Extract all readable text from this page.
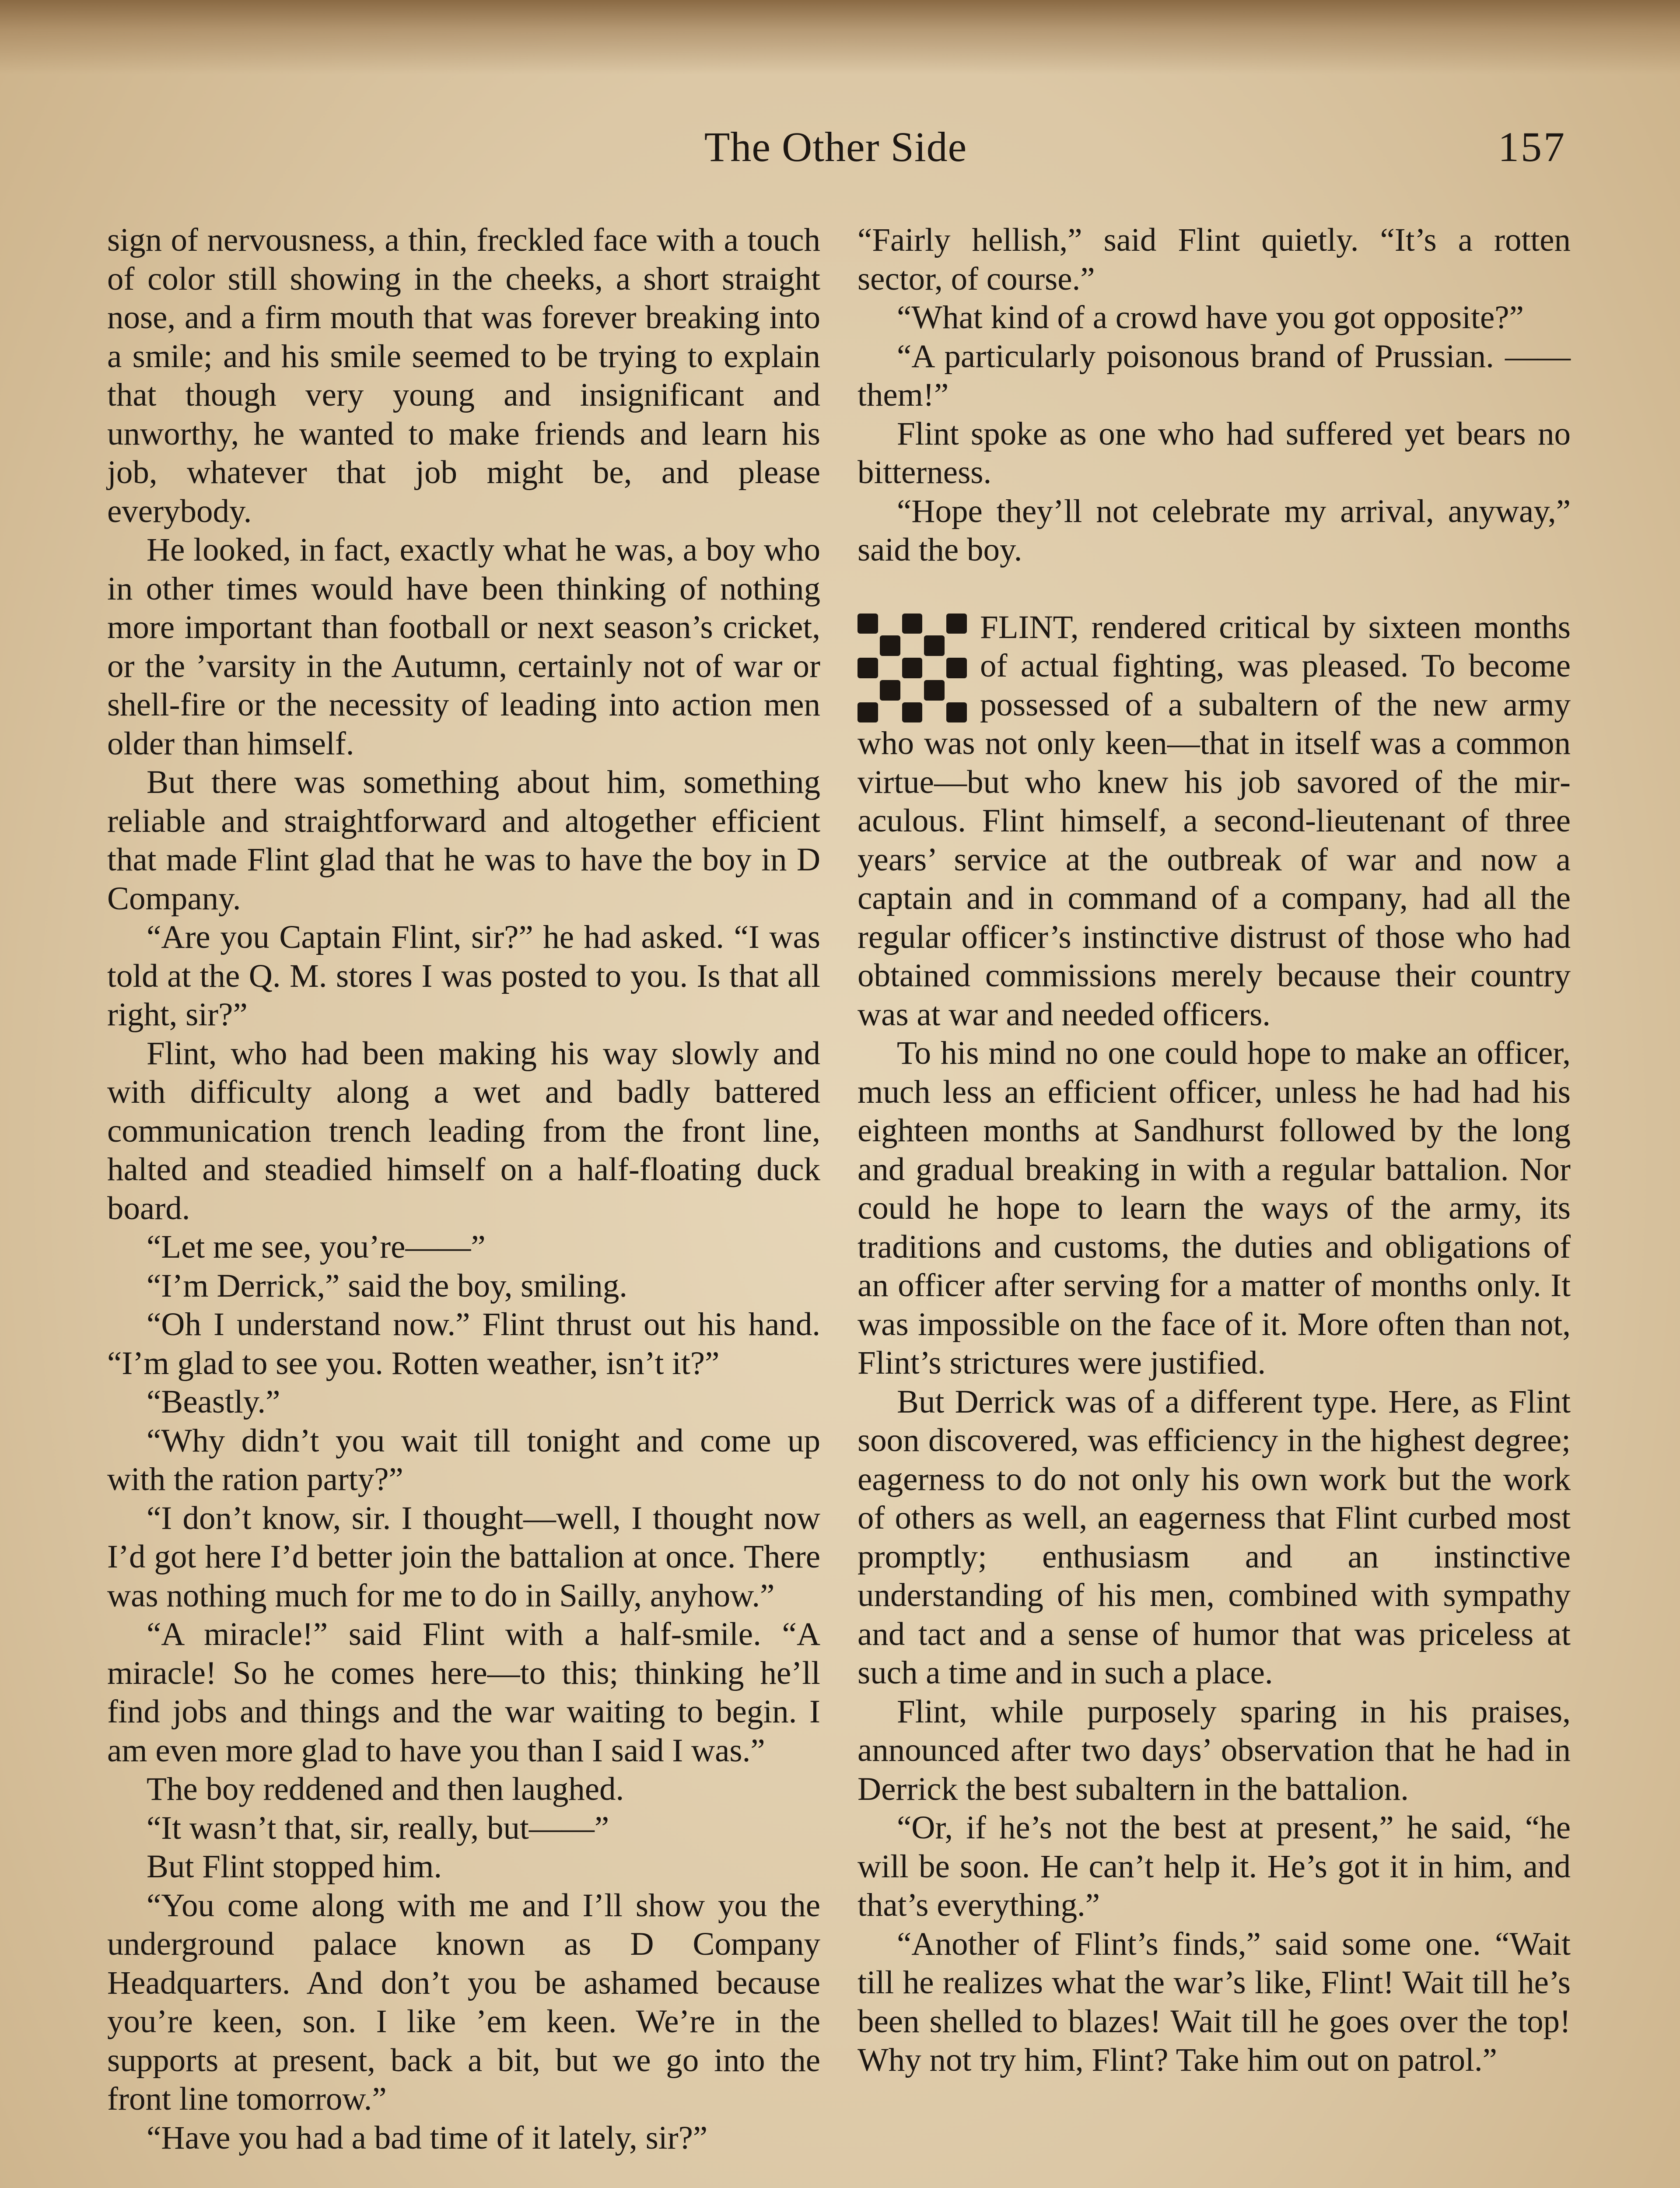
The Other Side	157

sign of nervousness, a thin, freckled face with a touch of color still showing in the cheeks, a short straight nose, and a firm mouth that was forever breaking into a smile; and his smile seemed to be trying to explain that though very young and insignificant and unworthy, he wanted to make friends and learn his job, whatever that job might be, and please everybody.

He looked, in fact, exactly what he was, a boy who in other times would have been thinking of nothing more important than football or next season’s cricket, or the ’varsity in the Autumn, certainly not of war or shell-fire or the necessity of leading into action men older than himself.

But there was something about him, something reliable and straightforward and altogether efficient that made Flint glad that he was to have the boy in D Company.

“Are you Captain Flint, sir?” he had asked. “I was told at the Q. M. stores I was posted to you. Is that all right, sir?”

Flint, who had been making his way slowly and with difficulty along a wet and badly battered communication trench leading from the front line, halted and steadied himself on a half-floating duck board.

“Let me see, you’re——”

“I’m Derrick,” said the boy, smiling.

“Oh I understand now.” Flint thrust out his hand. “I’m glad to see you. Rotten weather, isn’t it?”

“Beastly.”

“Why didn’t you wait till tonight and come up with the ration party?”

“I don’t know, sir. I thought—well, I thought now I’d got here I’d better join the battalion at once. There was nothing much for me to do in Sailly, anyhow.”

“A miracle!” said Flint with a half-smile. “A miracle! So he comes here—to this; thinking he’ll find jobs and things and the war waiting to begin. I am even more glad to have you than I said I was.”

The boy reddened and then laughed.

“It wasn’t that, sir, really, but——”

But Flint stopped him.

“You come along with me and I’ll show you the underground palace known as D Company Headquarters. And don’t you be ashamed because you’re keen, son. I like ’em keen. We’re in the supports at present, back a bit, but we go into the front line tomorrow.”

“Have you had a bad time of it lately, sir?”

“Fairly hellish,” said Flint quietly. “It’s a rotten sector, of course.”

“What kind of a crowd have you got opposite?”

“A particularly poisonous brand of Prussian. —— them!”

Flint spoke as one who had suffered yet bears no bitterness.

“Hope they’ll not celebrate my arrival, anyway,” said the boy.

FLINT, rendered critical by sixteen months of actual fighting, was pleased. To become possessed of a subaltern of the new army who was not only keen—that in itself was a common virtue—but who knew his job savored of the miraculous. Flint himself, a second-lieutenant of three years’ service at the outbreak of war and now a captain and in command of a company, had all the regular officer’s instinctive distrust of those who had obtained commissions merely because their country was at war and needed officers.

To his mind no one could hope to make an officer, much less an efficient officer, unless he had had his eighteen months at Sandhurst followed by the long and gradual breaking in with a regular battalion. Nor could he hope to learn the ways of the army, its traditions and customs, the duties and obligations of an officer after serving for a matter of months only. It was impossible on the face of it. More often than not, Flint’s strictures were justified.

But Derrick was of a different type. Here, as Flint soon discovered, was efficiency in the highest degree; eagerness to do not only his own work but the work of others as well, an eagerness that Flint curbed most promptly; enthusiasm and an instinctive understanding of his men, combined with sympathy and tact and a sense of humor that was priceless at such a time and in such a place.

Flint, while purposely sparing in his praises, announced after two days’ observation that he had in Derrick the best subaltern in the battalion.

“Or, if he’s not the best at present,” he said, “he will be soon. He can’t help it. He’s got it in him, and that’s everything.”

“Another of Flint’s finds,” said some one. “Wait till he realizes what the war’s like, Flint! Wait till he’s been shelled to blazes! Wait till he goes over the top! Why not try him, Flint? Take him out on patrol.”
